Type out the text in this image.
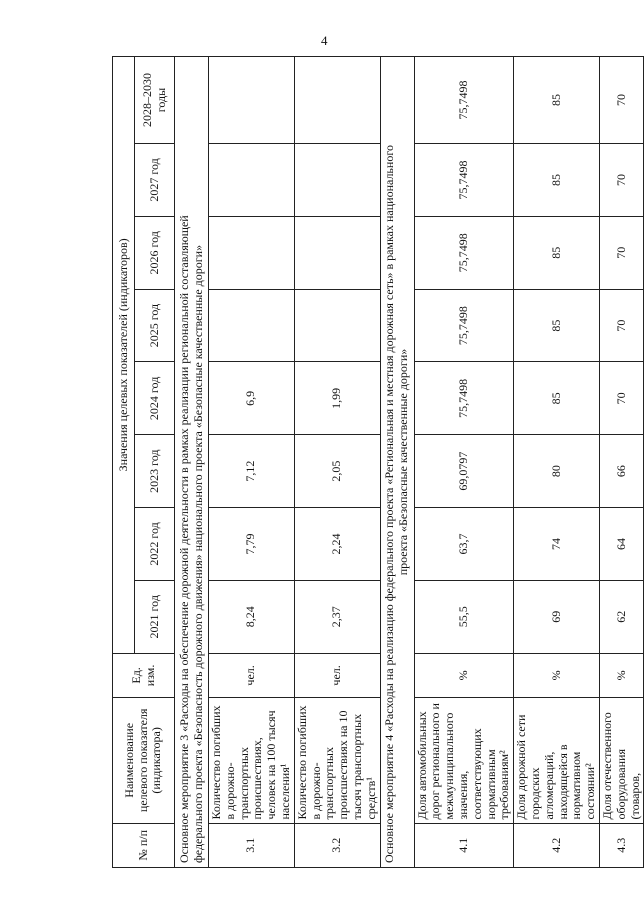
4
№ п/п	Наименование целевого показателя (индикатора)	Ед. изм.	Значения целевых показателей (индикаторов)							
			2021 год	2022 год	2023 год	2024 год	2025 год	2026 год	2027 год	2028–2030 годы
Основное мероприятие 3 «Расходы на обеспечение дорожной деятельности в рамках реализации региональной составляющей
федерального проекта «Безопасность дорожного движения» национального проекта «Безопасные качественные дороги»										
3.1	Количество погибших в дорожно-транспортных происшествиях, человек на 100 тысяч населения¹	чел.	8,24	7,79	7,12	6,9				
3.2	Количество погибших в дорожно-транспортных происшествиях на 10 тысяч транспортных средств¹	чел.	2,37	2,24	2,05	1,99				
Основное мероприятие 4 «Расходы на реализацию федерального проекта «Региональная и местная дорожная сеть» в рамках национального проекта «Безопасные качественные дороги»										

4.1	Доля автомобильных дорог регионального и межмуниципального значения, соответствующих нормативным требованиям²	%	55,5	63,7	69,0797	75,7498	75,7498	75,7498	75,7498	75,7498
4.2	Доля дорожной сети городских агломераций, находящейся в нормативном состоянии²	%	69	74	80	85	85	85	85	85
4.3	Доля отечественного оборудования (товаров,	%	62	64	66	70	70	70	70	70
